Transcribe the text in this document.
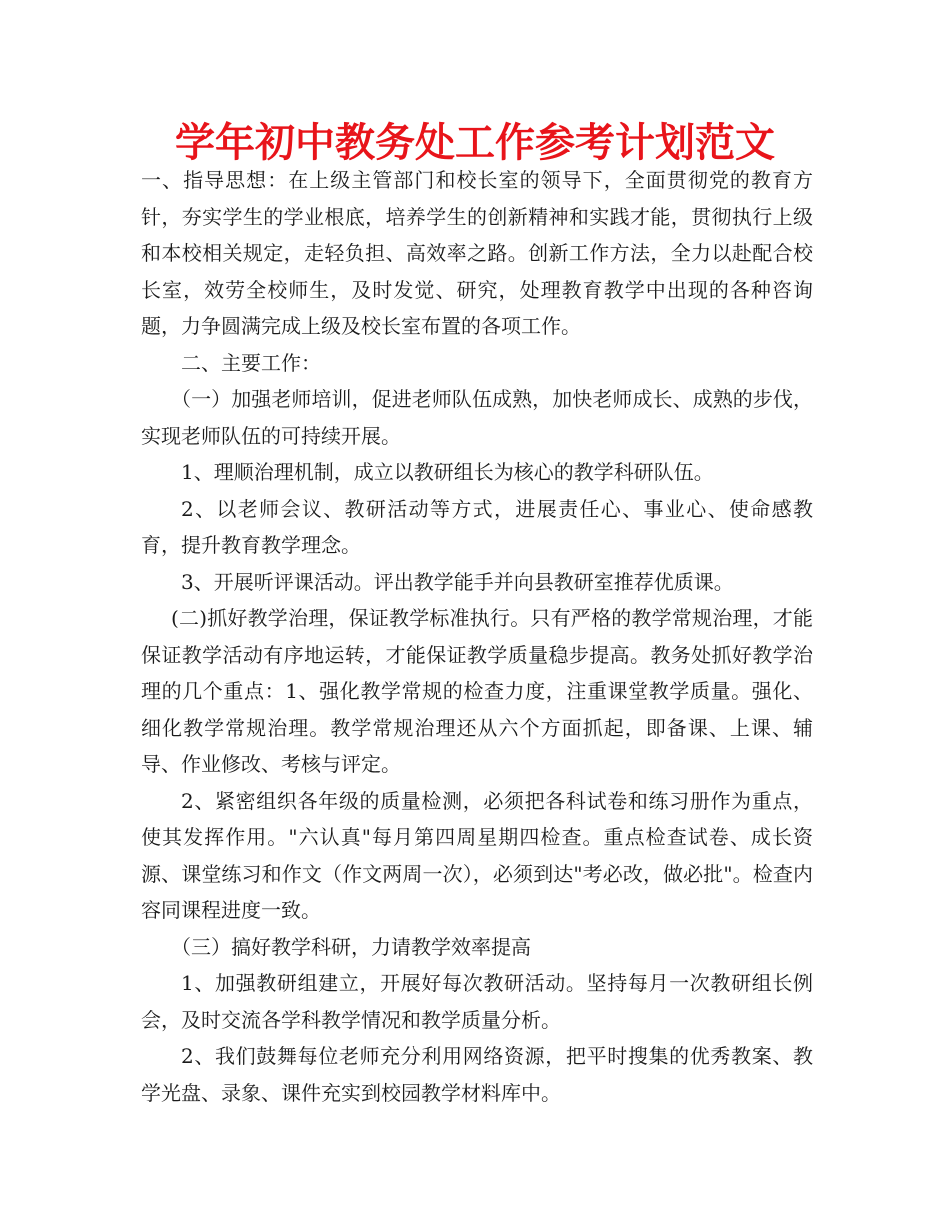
学年初中教务处工作参考计划范文

一、指导思想：在上级主管部门和校长室的领导下，全面贯彻党的教育方针，夯实学生的学业根底，培养学生的创新精神和实践才能，贯彻执行上级和本校相关规定，走轻负担、高效率之路。创新工作方法，全力以赴配合校长室，效劳全校师生，及时发觉、研究，处理教育教学中出现的各种咨询题，力争圆满完成上级及校长室布置的各项工作。

二、主要工作：

（一）加强老师培训，促进老师队伍成熟，加快老师成长、成熟的步伐，实现老师队伍的可持续开展。

1、理顺治理机制，成立以教研组长为核心的教学科研队伍。

2、以老师会议、教研活动等方式，进展责任心、事业心、使命感教育，提升教育教学理念。

3、开展听评课活动。评出教学能手并向县教研室推荐优质课。

(二)抓好教学治理，保证教学标准执行。只有严格的教学常规治理，才能保证教学活动有序地运转，才能保证教学质量稳步提高。教务处抓好教学治理的几个重点：1、强化教学常规的检查力度，注重课堂教学质量。强化、细化教学常规治理。教学常规治理还从六个方面抓起，即备课、上课、辅导、作业修改、考核与评定。

2、紧密组织各年级的质量检测，必须把各科试卷和练习册作为重点，使其发挥作用。"六认真"每月第四周星期四检查。重点检查试卷、成长资源、课堂练习和作文（作文两周一次），必须到达"考必改，做必批"。检查内容同课程进度一致。

（三）搞好教学科研，力请教学效率提高

1、加强教研组建立，开展好每次教研活动。坚持每月一次教研组长例会，及时交流各学科教学情况和教学质量分析。

2、我们鼓舞每位老师充分利用网络资源，把平时搜集的优秀教案、教学光盘、录象、课件充实到校园教学材料库中。
